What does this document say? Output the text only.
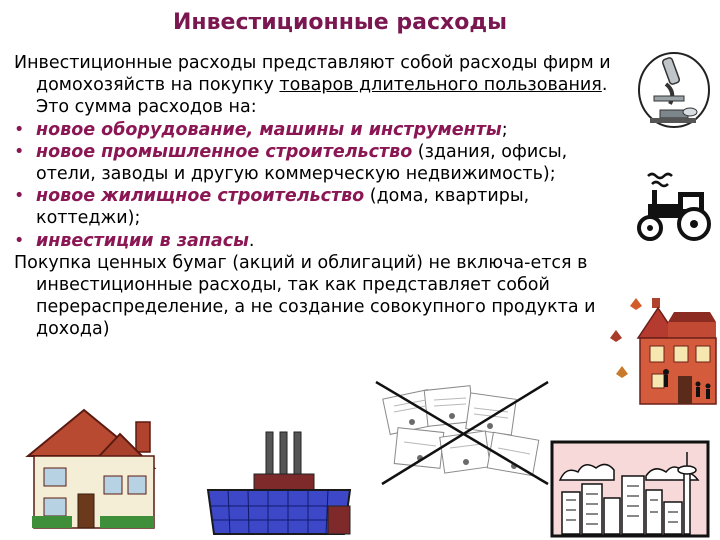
Инвестиционные расходы

Инвестиционные расходы представляют собой расходы фирм и домохозяйств на покупку товаров длительного пользования. Это сумма расходов на:

• новое оборудование, машины и инструменты;
• новое промышленное строительство (здания, офисы, отели, заводы и другую коммерческую недвижимость);
• новое жилищное строительство (дома, квартиры, коттеджи);
• инвестиции в запасы.

Покупка ценных бумаг (акций и облигаций) не включа-ется в инвестиционные расходы, так как представляет собой перераспределение, а не создание совокупного продукта и дохода)
